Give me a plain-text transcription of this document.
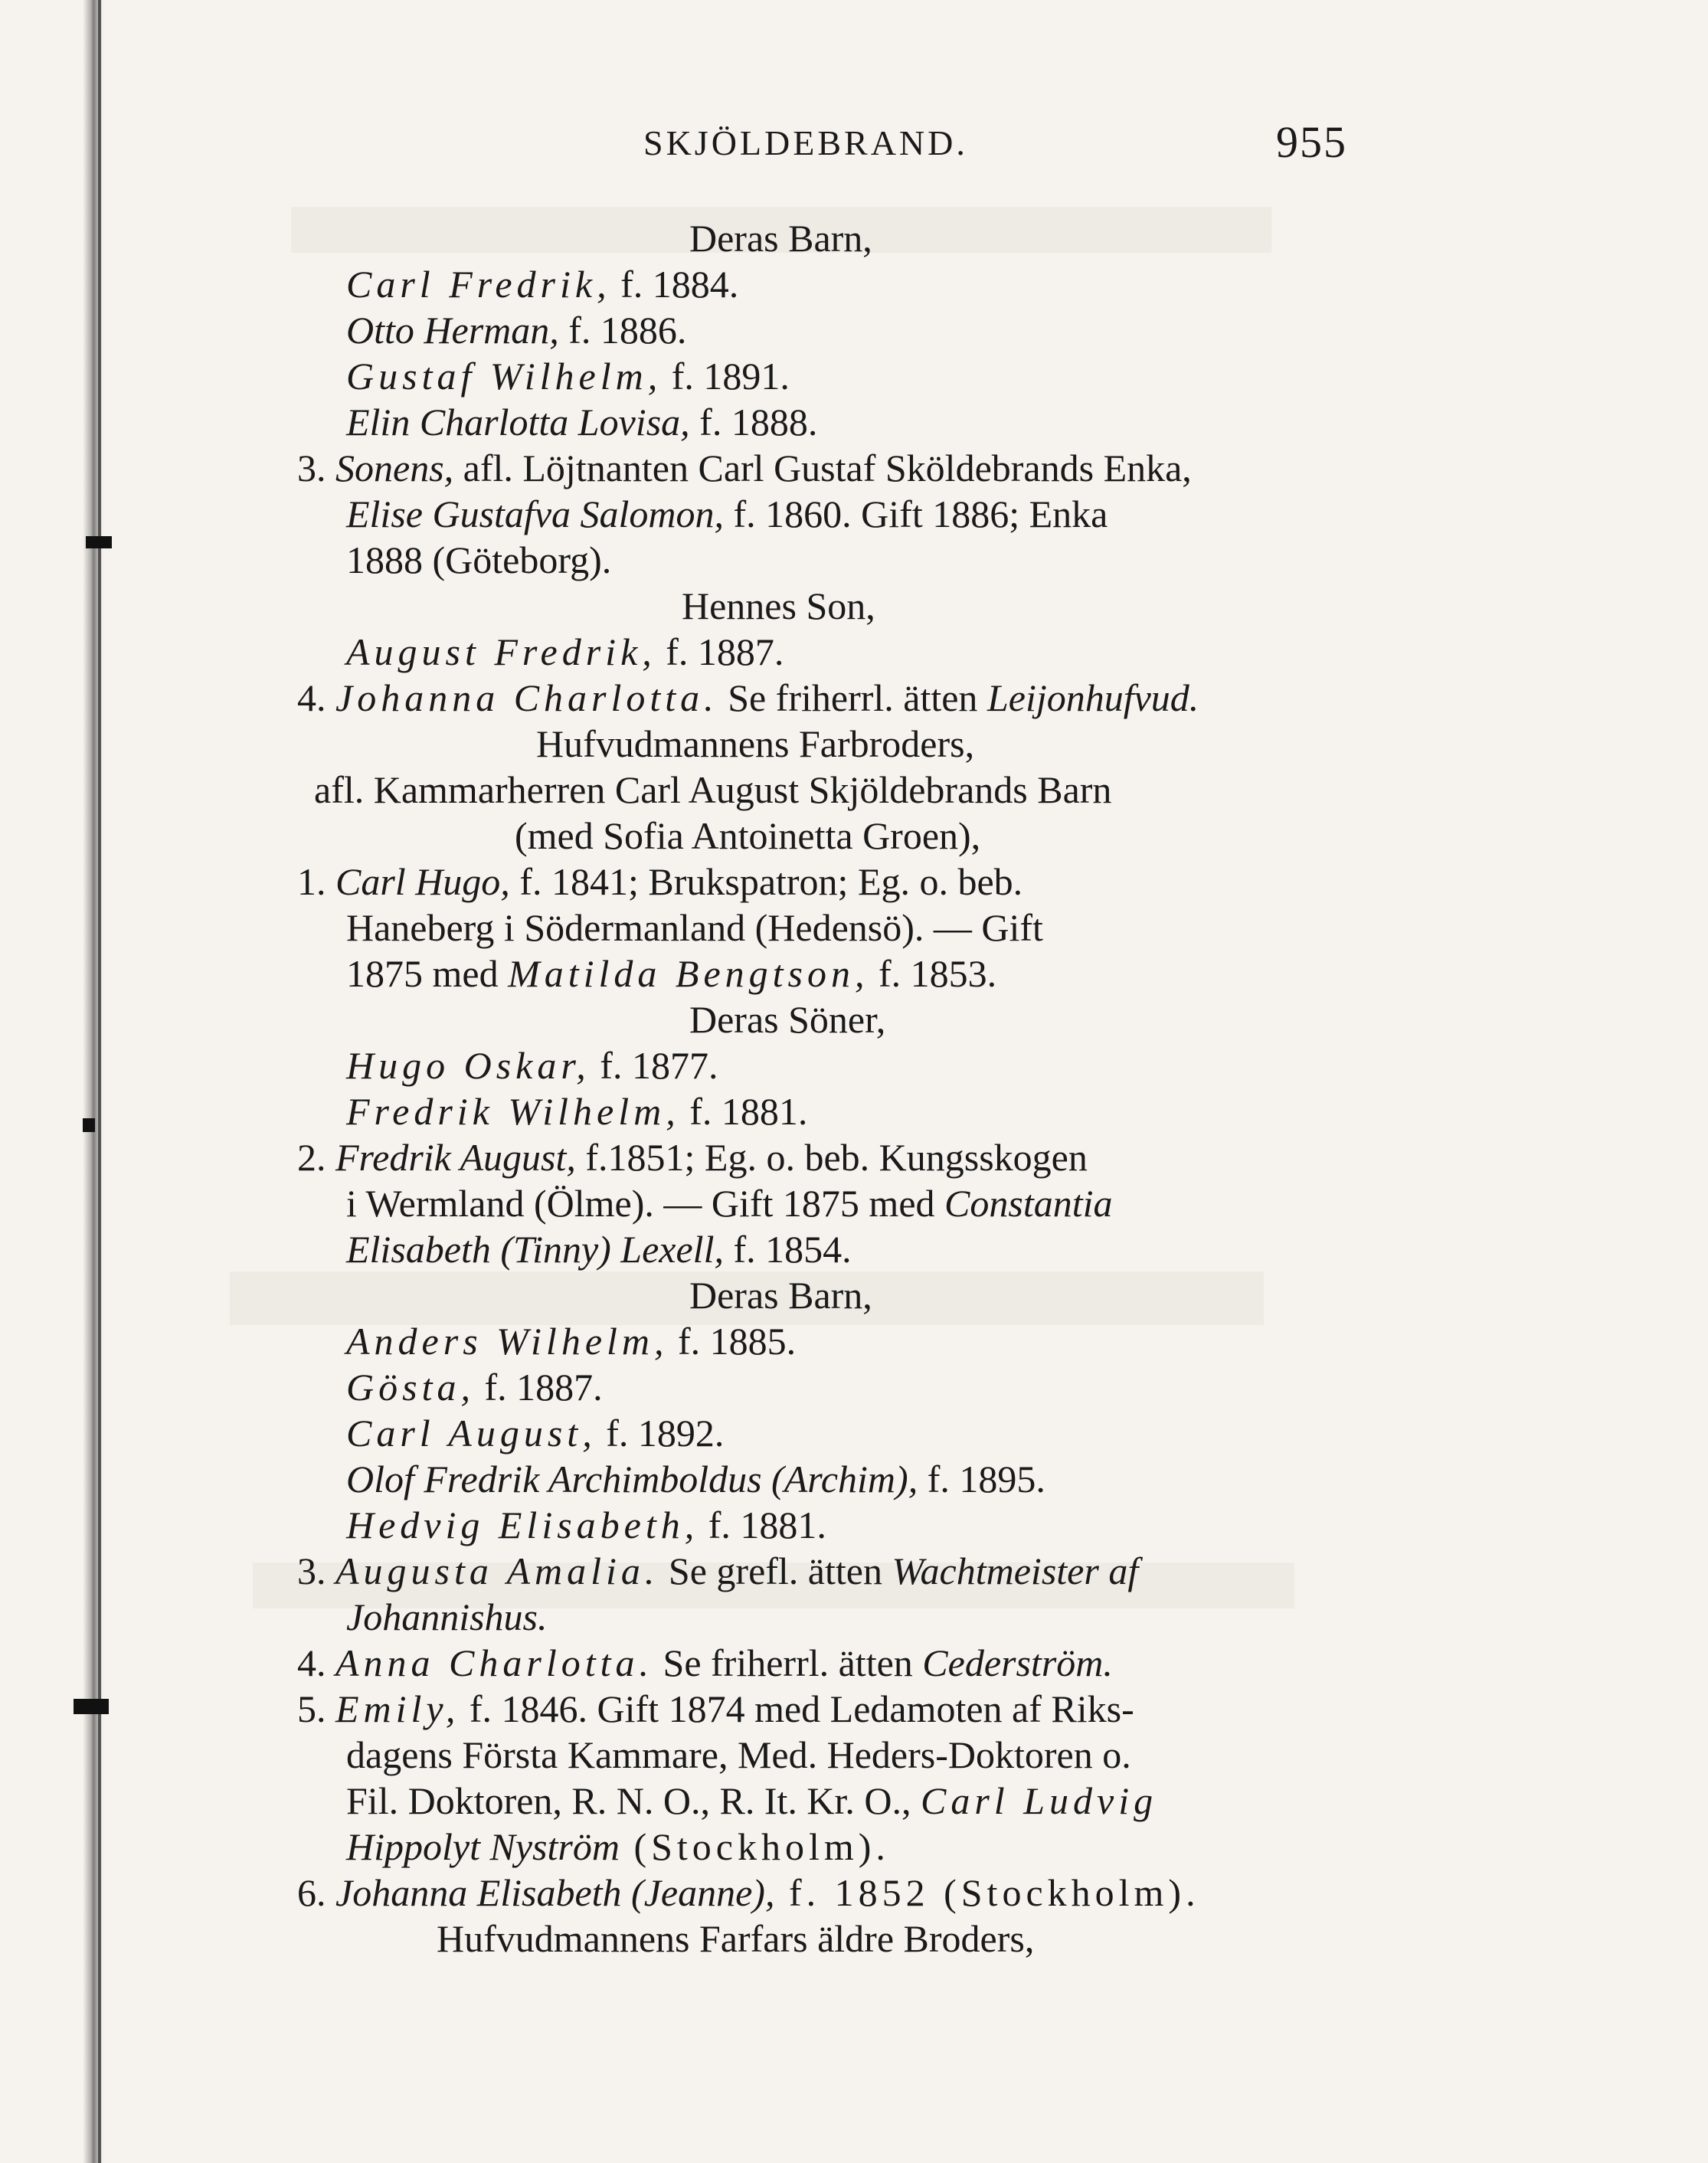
SKJÖLDEBRAND.	955
Deras Barn,
Carl Fredrik, f. 1884.
Otto Herman, f. 1886.
Gustaf Wilhelm, f. 1891.
Elin Charlotta Lovisa, f. 1888.
3. Sonens, afl. Löjtnanten Carl Gustaf Sköldebrands Enka,
Elise Gustafva Salomon, f. 1860. Gift 1886; Enka
1888 (Göteborg).
Hennes Son,
August Fredrik, f. 1887.
4. Johanna Charlotta. Se friherrl. ätten Leijonhufvud.
Hufvudmannens Farbroders,
afl. Kammarherren Carl August Skjöldebrands Barn
(med Sofia Antoinetta Groen),
1. Carl Hugo, f. 1841; Brukspatron; Eg. o. beb.
Haneberg i Södermanland (Hedensö). — Gift
1875 med Matilda Bengtson, f. 1853.
Deras Söner,
Hugo Oskar, f. 1877.
Fredrik Wilhelm, f. 1881.
2. Fredrik August, f.1851; Eg. o. beb. Kungsskogen
i Wermland (Ölme). — Gift 1875 med Constantia
Elisabeth (Tinny) Lexell, f. 1854.
Deras Barn,
Anders Wilhelm, f. 1885.
Gösta, f. 1887.
Carl August, f. 1892.
Olof Fredrik Archimboldus (Archim), f. 1895.
Hedvig Elisabeth, f. 1881.
3. Augusta Amalia. Se grefl. ätten Wachtmeister af
Johannishus.
4. Anna Charlotta. Se friherrl. ätten Cederström.
5. Emily, f. 1846. Gift 1874 med Ledamoten af Riks-
dagens Första Kammare, Med. Heders-Doktoren o.
Fil. Doktoren, R. N. O., R. It. Kr. O., Carl Ludvig
Hippolyt Nyström (Stockholm).
6. Johanna Elisabeth (Jeanne), f. 1852 (Stockholm).
Hufvudmannens Farfars äldre Broders,
